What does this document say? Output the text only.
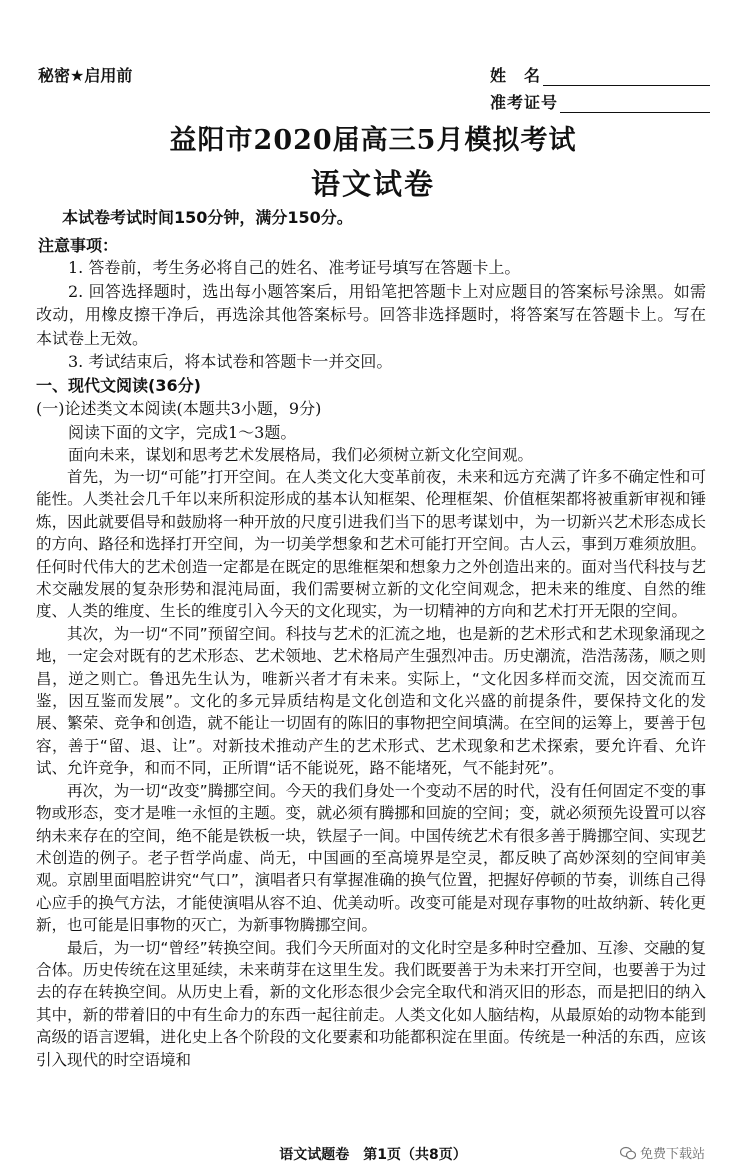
秘密★启用前	姓　名
准考证号
益阳市2020届高三5月模拟考试
语文试卷
本试卷考试时间150分钟，满分150分。
注意事项：

1. 答卷前，考生务必将自己的姓名、准考证号填写在答题卡上。

2. 回答选择题时，选出每小题答案后，用铅笔把答题卡上对应题目的答案标号涂黑。如需改动，用橡皮擦干净后，再选涂其他答案标号。回答非选择题时，将答案写在答题卡上。写在本试卷上无效。

3. 考试结束后，将本试卷和答题卡一并交回。

一、现代文阅读(36分)
(一)论述类文本阅读(本题共3小题，9分)
阅读下面的文字，完成1～3题。
面向未来，谋划和思考艺术发展格局，我们必须树立新文化空间观。

首先，为一切“可能”打开空间。在人类文化大变革前夜，未来和远方充满了许多不确定性和可能性。人类社会几千年以来所积淀形成的基本认知框架、伦理框架、价值框架都将被重新审视和锤炼，因此就要倡导和鼓励将一种开放的尺度引进我们当下的思考谋划中，为一切新兴艺术形态成长的方向、路径和选择打开空间，为一切美学想象和艺术可能打开空间。古人云，事到万难须放胆。任何时代伟大的艺术创造一定都是在既定的思维框架和想象力之外创造出来的。面对当代科技与艺术交融发展的复杂形势和混沌局面，我们需要树立新的文化空间观念，把未来的维度、自然的维度、人类的维度、生长的维度引入今天的文化现实，为一切精神的方向和艺术打开无限的空间。

其次，为一切“不同”预留空间。科技与艺术的汇流之地，也是新的艺术形式和艺术现象涌现之地，一定会对既有的艺术形态、艺术领地、艺术格局产生强烈冲击。历史潮流，浩浩荡荡，顺之则昌，逆之则亡。鲁迅先生认为，唯新兴者才有未来。实际上，“文化因多样而交流，因交流而互鉴，因互鉴而发展”。文化的多元异质结构是文化创造和文化兴盛的前提条件，要保持文化的发展、繁荣、竞争和创造，就不能让一切固有的陈旧的事物把空间填满。在空间的运筹上，要善于包容，善于“留、退、让”。对新技术推动产生的艺术形式、艺术现象和艺术探索，要允许看、允许试、允许竞争，和而不同，正所谓“话不能说死，路不能堵死，气不能封死”。

再次，为一切“改变”腾挪空间。今天的我们身处一个变动不居的时代，没有任何固定不变的事物或形态，变才是唯一永恒的主题。变，就必须有腾挪和回旋的空间；变，就必须预先设置可以容纳未来存在的空间，绝不能是铁板一块，铁屋子一间。中国传统艺术有很多善于腾挪空间、实现艺术创造的例子。老子哲学尚虚、尚无，中国画的至高境界是空灵，都反映了高妙深刻的空间审美观。京剧里面唱腔讲究“气口”，演唱者只有掌握准确的换气位置，把握好停顿的节奏，训练自己得心应手的换气方法，才能使演唱从容不迫、优美动听。改变可能是对现存事物的吐故纳新、转化更新，也可能是旧事物的灭亡，为新事物腾挪空间。

最后，为一切“曾经”转换空间。我们今天所面对的文化时空是多种时空叠加、互渗、交融的复合体。历史传统在这里延续，未来萌芽在这里生发。我们既要善于为未来打开空间，也要善于为过去的存在转换空间。从历史上看，新的文化形态很少会完全取代和消灭旧的形态，而是把旧的纳入其中，新的带着旧的中有生命力的东西一起往前走。人类文化如人脑结构，从最原始的动物本能到高级的语言逻辑，进化史上各个阶段的文化要素和功能都积淀在里面。传统是一种活的东西，应该引入现代的时空语境和

语文试题卷　第1页（共8页）	免费下载站
